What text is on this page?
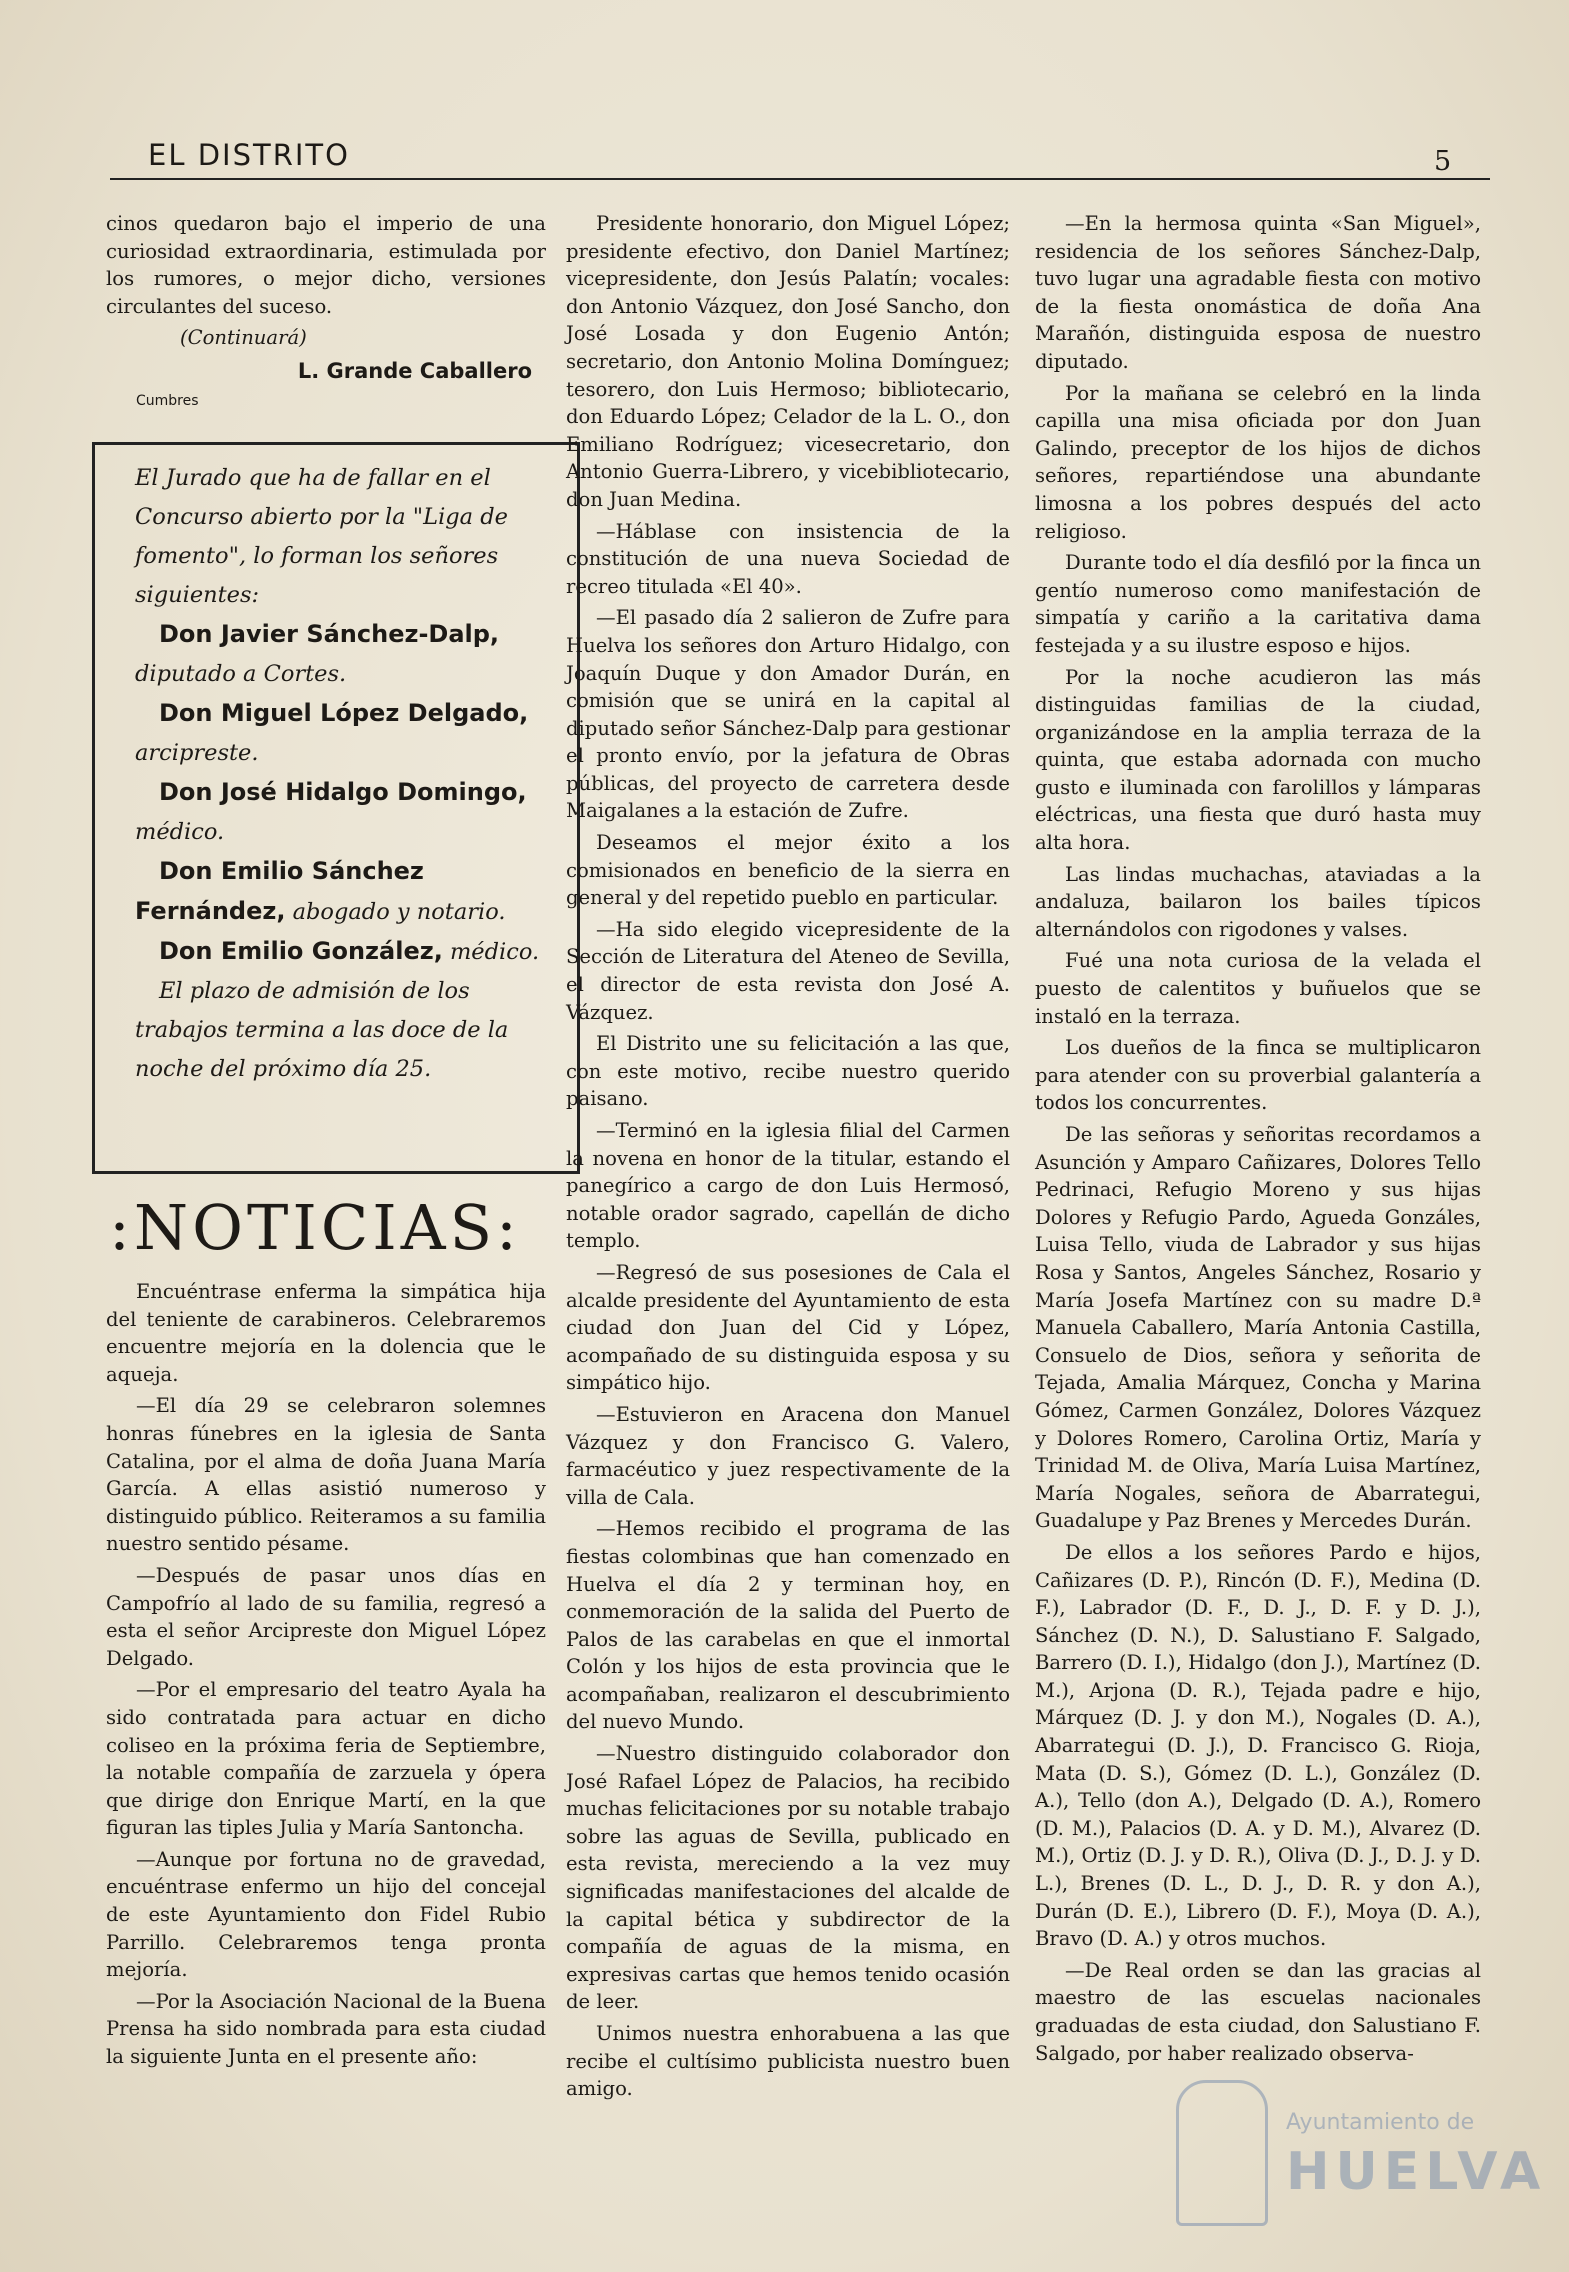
EL DISTRITO	5

cinos quedaron bajo el imperio de una curiosidad extraordinaria, estimulada por los rumores, o mejor dicho, versiones circulantes del suceso.

(Continuará)

L. Grande Caballero
Cumbres

El Jurado que ha de fallar en el Concurso abierto por la "Liga de fomento", lo forman los señores siguientes:

Don Javier Sánchez-Dalp, diputado a Cortes.

Don Miguel López Delgado, arcipreste.

Don José Hidalgo Domingo, médico.

Don Emilio Sánchez Fernández, abogado y notario.

Don Emilio González, médico.

El plazo de admisión de los trabajos termina a las doce de la noche del próximo día 25.

:NOTICIAS:

Encuéntrase enferma la simpática hija del teniente de carabineros. Celebraremos encuentre mejoría en la dolencia que le aqueja.

—El día 29 se celebraron solemnes honras fúnebres en la iglesia de Santa Catalina, por el alma de doña Juana María García. A ellas asistió numeroso y distinguido público. Reiteramos a su familia nuestro sentido pésame.

—Después de pasar unos días en Campofrío al lado de su familia, regresó a esta el señor Arcipreste don Miguel López Delgado.

—Por el empresario del teatro Ayala ha sido contratada para actuar en dicho coliseo en la próxima feria de Septiembre, la notable compañía de zarzuela y ópera que dirige don Enrique Martí, en la que figuran las tiples Julia y María Santoncha.

—Aunque por fortuna no de gravedad, encuéntrase enfermo un hijo del concejal de este Ayuntamiento don Fidel Rubio Parrillo. Celebraremos tenga pronta mejoría.

—Por la Asociación Nacional de la Buena Prensa ha sido nombrada para esta ciudad la siguiente Junta en el presente año:

Presidente honorario, don Miguel López; presidente efectivo, don Daniel Martínez; vicepresidente, don Jesús Palatín; vocales: don Antonio Vázquez, don José Sancho, don José Losada y don Eugenio Antón; secretario, don Antonio Molina Domínguez; tesorero, don Luis Hermoso; bibliotecario, don Eduardo López; Celador de la L. O., don Emiliano Rodríguez; vicesecretario, don Antonio Guerra-Librero, y vicebibliotecario, don Juan Medina.

—Háblase con insistencia de la constitución de una nueva Sociedad de recreo titulada «El 40».

—El pasado día 2 salieron de Zufre para Huelva los señores don Arturo Hidalgo, con Joaquín Duque y don Amador Durán, en comisión que se unirá en la capital al diputado señor Sánchez-Dalp para gestionar el pronto envío, por la jefatura de Obras públicas, del proyecto de carretera desde Maigalanes a la estación de Zufre.

Deseamos el mejor éxito a los comisionados en beneficio de la sierra en general y del repetido pueblo en particular.

—Ha sido elegido vicepresidente de la Sección de Literatura del Ateneo de Sevilla, el director de esta revista don José A. Vázquez.

El Distrito une su felicitación a las que, con este motivo, recibe nuestro querido paisano.

—Terminó en la iglesia filial del Carmen la novena en honor de la titular, estando el panegírico a cargo de don Luis Hermosó, notable orador sagrado, capellán de dicho templo.

—Regresó de sus posesiones de Cala el alcalde presidente del Ayuntamiento de esta ciudad don Juan del Cid y López, acompañado de su distinguida esposa y su simpático hijo.

—Estuvieron en Aracena don Manuel Vázquez y don Francisco G. Valero, farmacéutico y juez respectivamente de la villa de Cala.

—Hemos recibido el programa de las fiestas colombinas que han comenzado en Huelva el día 2 y terminan hoy, en conmemoración de la salida del Puerto de Palos de las carabelas en que el inmortal Colón y los hijos de esta provincia que le acompañaban, realizaron el descubrimiento del nuevo Mundo.

—Nuestro distinguido colaborador don José Rafael López de Palacios, ha recibido muchas felicitaciones por su notable trabajo sobre las aguas de Sevilla, publicado en esta revista, mereciendo a la vez muy significadas manifestaciones del alcalde de la capital bética y subdirector de la compañía de aguas de la misma, en expresivas cartas que hemos tenido ocasión de leer.

Unimos nuestra enhorabuena a las que recibe el cultísimo publicista nuestro buen amigo.

—En la hermosa quinta «San Miguel», residencia de los señores Sánchez-Dalp, tuvo lugar una agradable fiesta con motivo de la fiesta onomástica de doña Ana Marañón, distinguida esposa de nuestro diputado.

Por la mañana se celebró en la linda capilla una misa oficiada por don Juan Galindo, preceptor de los hijos de dichos señores, repartiéndose una abundante limosna a los pobres después del acto religioso.

Durante todo el día desfiló por la finca un gentío numeroso como manifestación de simpatía y cariño a la caritativa dama festejada y a su ilustre esposo e hijos.

Por la noche acudieron las más distinguidas familias de la ciudad, organizándose en la amplia terraza de la quinta, que estaba adornada con mucho gusto e iluminada con farolillos y lámparas eléctricas, una fiesta que duró hasta muy alta hora.

Las lindas muchachas, ataviadas a la andaluza, bailaron los bailes típicos alternándolos con rigodones y valses.

Fué una nota curiosa de la velada el puesto de calentitos y buñuelos que se instaló en la terraza.

Los dueños de la finca se multiplicaron para atender con su proverbial galantería a todos los concurrentes.

De las señoras y señoritas recordamos a Asunción y Amparo Cañizares, Dolores Tello Pedrinaci, Refugio Moreno y sus hijas Dolores y Refugio Pardo, Agueda Gonzáles, Luisa Tello, viuda de Labrador y sus hijas Rosa y Santos, Angeles Sánchez, Rosario y María Josefa Martínez con su madre D.ª Manuela Caballero, María Antonia Castilla, Consuelo de Dios, señora y señorita de Tejada, Amalia Márquez, Concha y Marina Gómez, Carmen González, Dolores Vázquez y Dolores Romero, Carolina Ortiz, María y Trinidad M. de Oliva, María Luisa Martínez, María Nogales, señora de Abarrategui, Guadalupe y Paz Brenes y Mercedes Durán.

De ellos a los señores Pardo e hijos, Cañizares (D. P.), Rincón (D. F.), Medina (D. F.), Labrador (D. F., D. J., D. F. y D. J.), Sánchez (D. N.), D. Salustiano F. Salgado, Barrero (D. I.), Hidalgo (don J.), Martínez (D. M.), Arjona (D. R.), Tejada padre e hijo, Márquez (D. J. y don M.), Nogales (D. A.), Abarrategui (D. J.), D. Francisco G. Rioja, Mata (D. S.), Gómez (D. L.), González (D. A.), Tello (don A.), Delgado (D. A.), Romero (D. M.), Palacios (D. A. y D. M.), Alvarez (D. M.), Ortiz (D. J. y D. R.), Oliva (D. J., D. J. y D. L.), Brenes (D. L., D. J., D. R. y don A.), Durán (D. E.), Librero (D. F.), Moya (D. A.), Bravo (D. A.) y otros muchos.

—De Real orden se dan las gracias al maestro de las escuelas nacionales graduadas de esta ciudad, don Salustiano F. Salgado, por haber realizado observa-

Ayuntamiento de
HUELVA
